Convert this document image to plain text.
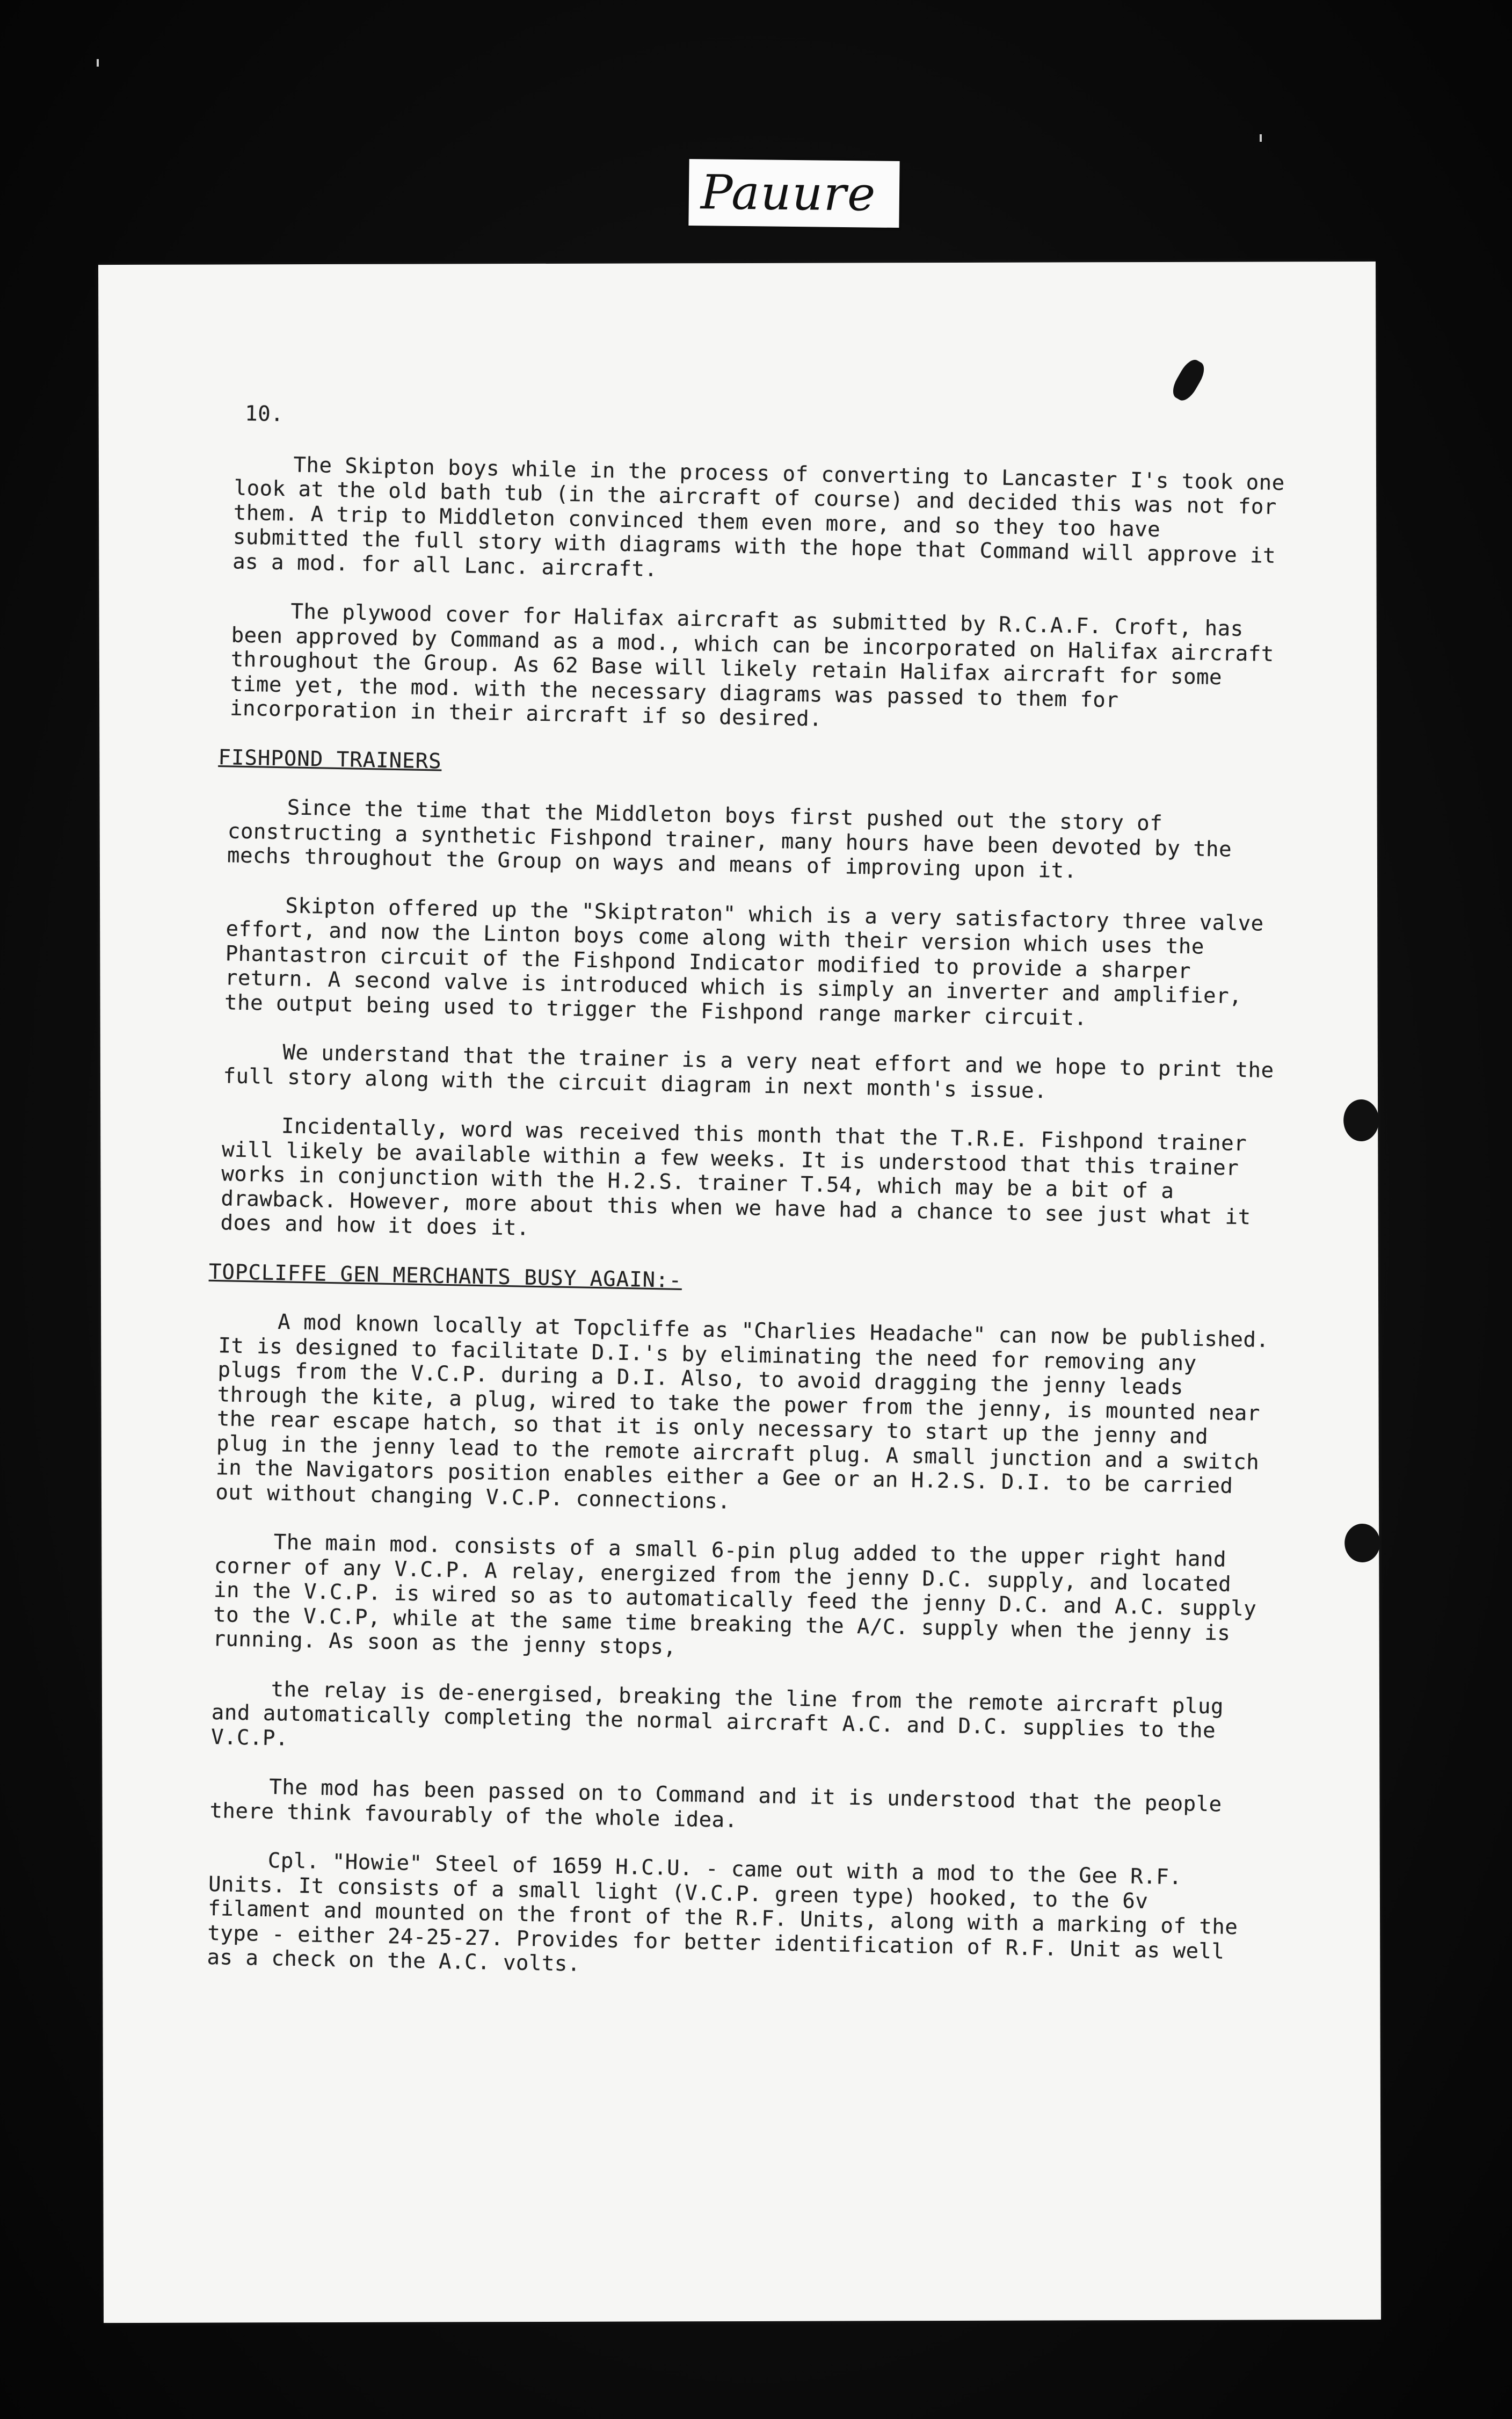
Pauure

10.

The Skipton boys while in the process of converting to Lancaster I's took one look at the old bath tub (in the aircraft of course) and decided this was not for them. A trip to Middleton convinced them even more, and so they too have submitted the full story with diagrams with the hope that Command will approve it as a mod. for all Lanc. aircraft.

The plywood cover for Halifax aircraft as submitted by R.C.A.F. Croft, has been approved by Command as a mod., which can be incorporated on Halifax aircraft throughout the Group. As 62 Base will likely retain Halifax aircraft for some time yet, the mod. with the necessary diagrams was passed to them for incorporation in their aircraft if so desired.

FISHPOND TRAINERS

Since the time that the Middleton boys first pushed out the story of constructing a synthetic Fishpond trainer, many hours have been devoted by the mechs throughout the Group on ways and means of improving upon it.

Skipton offered up the "Skiptraton" which is a very satisfactory three valve effort, and now the Linton boys come along with their version which uses the Phantastron circuit of the Fishpond Indicator modified to provide a sharper return. A second valve is introduced which is simply an inverter and amplifier, the output being used to trigger the Fishpond range marker circuit.

We understand that the trainer is a very neat effort and we hope to print the full story along with the circuit diagram in next month's issue.

Incidentally, word was received this month that the T.R.E. Fishpond trainer will likely be available within a few weeks. It is understood that this trainer works in conjunction with the H.2.S. trainer T.54, which may be a bit of a drawback. However, more about this when we have had a chance to see just what it does and how it does it.

TOPCLIFFE GEN MERCHANTS BUSY AGAIN:-

A mod known locally at Topcliffe as "Charlies Headache" can now be published. It is designed to facilitate D.I.'s by eliminating the need for removing any plugs from the V.C.P. during a D.I. Also, to avoid dragging the jenny leads through the kite, a plug, wired to take the power from the jenny, is mounted near the rear escape hatch, so that it is only necessary to start up the jenny and plug in the jenny lead to the remote aircraft plug. A small junction and a switch in the Navigators position enables either a Gee or an H.2.S. D.I. to be carried out without changing V.C.P. connections.

The main mod. consists of a small 6-pin plug added to the upper right hand corner of any V.C.P. A relay, energized from the jenny D.C. supply, and located in the V.C.P. is wired so as to automatically feed the jenny D.C. and A.C. supply to the V.C.P, while at the same time breaking the A/C. supply when the jenny is running. As soon as the jenny stops,

the relay is de-energised, breaking the line from the remote aircraft plug and automatically completing the normal aircraft A.C. and D.C. supplies to the V.C.P.

The mod has been passed on to Command and it is understood that the people there think favourably of the whole idea.

Cpl. "Howie" Steel of 1659 H.C.U. - came out with a mod to the Gee R.F. Units. It consists of a small light (V.C.P. green type) hooked, to the 6v filament and mounted on the front of the R.F. Units, along with a marking of the type - either 24-25-27. Provides for better identification of R.F. Unit as well as a check on the A.C. volts.
